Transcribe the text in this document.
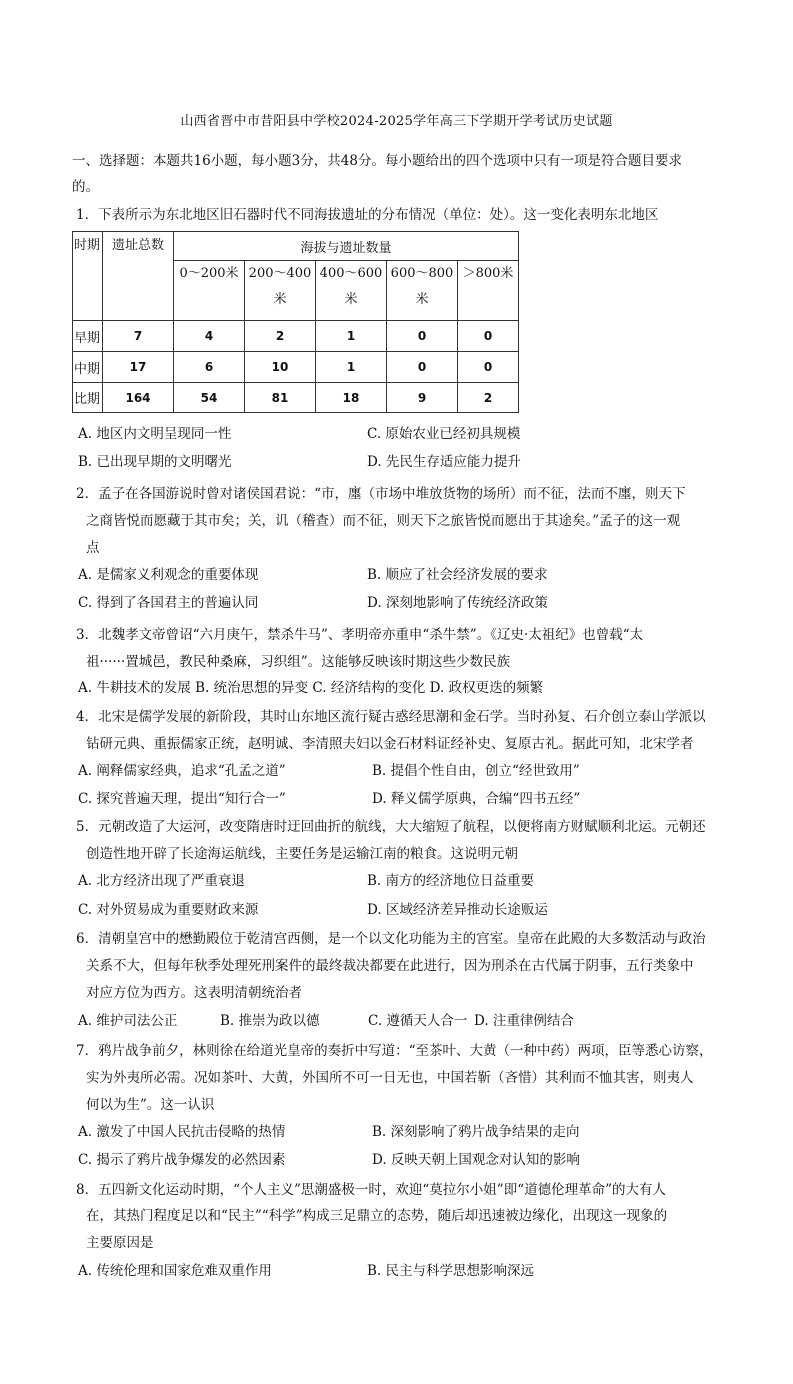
山西省晋中市昔阳县中学校2024-2025学年高三下学期开学考试历史试题
一、选择题：本题共16小题，每小题3分，共48分。每小题给出的四个选项中只有一项是符合题目要求
的。
1．下表所示为东北地区旧石器时代不同海拔遗址的分布情况（单位：处）。这一变化表明东北地区
时期	遗址总数	海拔与遗址数量				
		0～200米	200～400
米	400～600
米	600～800
米	＞800米

早期	7	4	2	1	0	0
中期	17	6	10	1	0	0
比期	164	54	81	18	9	2
A. 地区内文明呈现同一性	C. 原始农业已经初具规模
B. 已出现早期的文明曙光	D. 先民生存适应能力提升
2．孟子在各国游说时曾对诸侯国君说：“市，廛（市场中堆放货物的场所）而不征，法而不廛，则天下
之商皆悦而愿藏于其市矣；关，讥（稽查）而不征，则天下之旅皆悦而愿出于其途矣。”孟子的这一观
点
A. 是儒家义利观念的重要体现	B. 顺应了社会经济发展的要求
C. 得到了各国君主的普遍认同	D. 深刻地影响了传统经济政策
3．北魏孝文帝曾诏“六月庚午，禁杀牛马”、孝明帝亦重申“杀牛禁”。《辽史·太祖纪》也曾载“太
祖······置城邑，教民种桑麻，习织组”。这能够反映该时期这些少数民族
A. 牛耕技术的发展 B. 统治思想的异变 C. 经济结构的变化 D. 政权更迭的频繁
4．北宋是儒学发展的新阶段，其时山东地区流行疑古惑经思潮和金石学。当时孙复、石介创立泰山学派以
钻研元典、重振儒家正统，赵明诚、李清照夫妇以金石材料证经补史、复原古礼。据此可知，北宋学者
A. 阐释儒家经典，追求“孔孟之道”	B. 提倡个性自由，创立“经世致用”
C. 探究普遍天理，提出“知行合一”	D. 释义儒学原典，合编“四书五经”
5．元朝改造了大运河，改变隋唐时迂回曲折的航线，大大缩短了航程，以便将南方财赋顺利北运。元朝还
创造性地开辟了长途海运航线，主要任务是运输江南的粮食。这说明元朝
A. 北方经济出现了严重衰退	B. 南方的经济地位日益重要
C. 对外贸易成为重要财政来源	D. 区域经济差异推动长途贩运
6．清朝皇宫中的懋勤殿位于乾清宫西侧，是一个以文化功能为主的宫室。皇帝在此殿的大多数活动与政治
关系不大，但每年秋季处理死刑案件的最终裁决都要在此进行，因为刑杀在古代属于阴事，五行类象中
对应方位为西方。这表明清朝统治者
A. 维护司法公正	B. 推崇为政以德	C. 遵循天人合一 D. 注重律例结合
7．鸦片战争前夕，林则徐在给道光皇帝的奏折中写道：“至茶叶、大黄（一种中药）两项，臣等悉心访察，
实为外夷所必需。况如茶叶、大黄，外国所不可一日无也，中国若靳（吝惜）其利而不恤其害，则夷人
何以为生”。这一认识
A. 激发了中国人民抗击侵略的热情	B. 深刻影响了鸦片战争结果的走向
C. 揭示了鸦片战争爆发的必然因素	D. 反映天朝上国观念对认知的影响
8．五四新文化运动时期，“个人主义”思潮盛极一时，欢迎“莫拉尔小姐”即“道德伦理革命”的大有人
在，其热门程度足以和“民主”“科学”构成三足鼎立的态势，随后却迅速被边缘化，出现这一现象的
主要原因是
A. 传统伦理和国家危难双重作用	B. 民主与科学思想影响深远
